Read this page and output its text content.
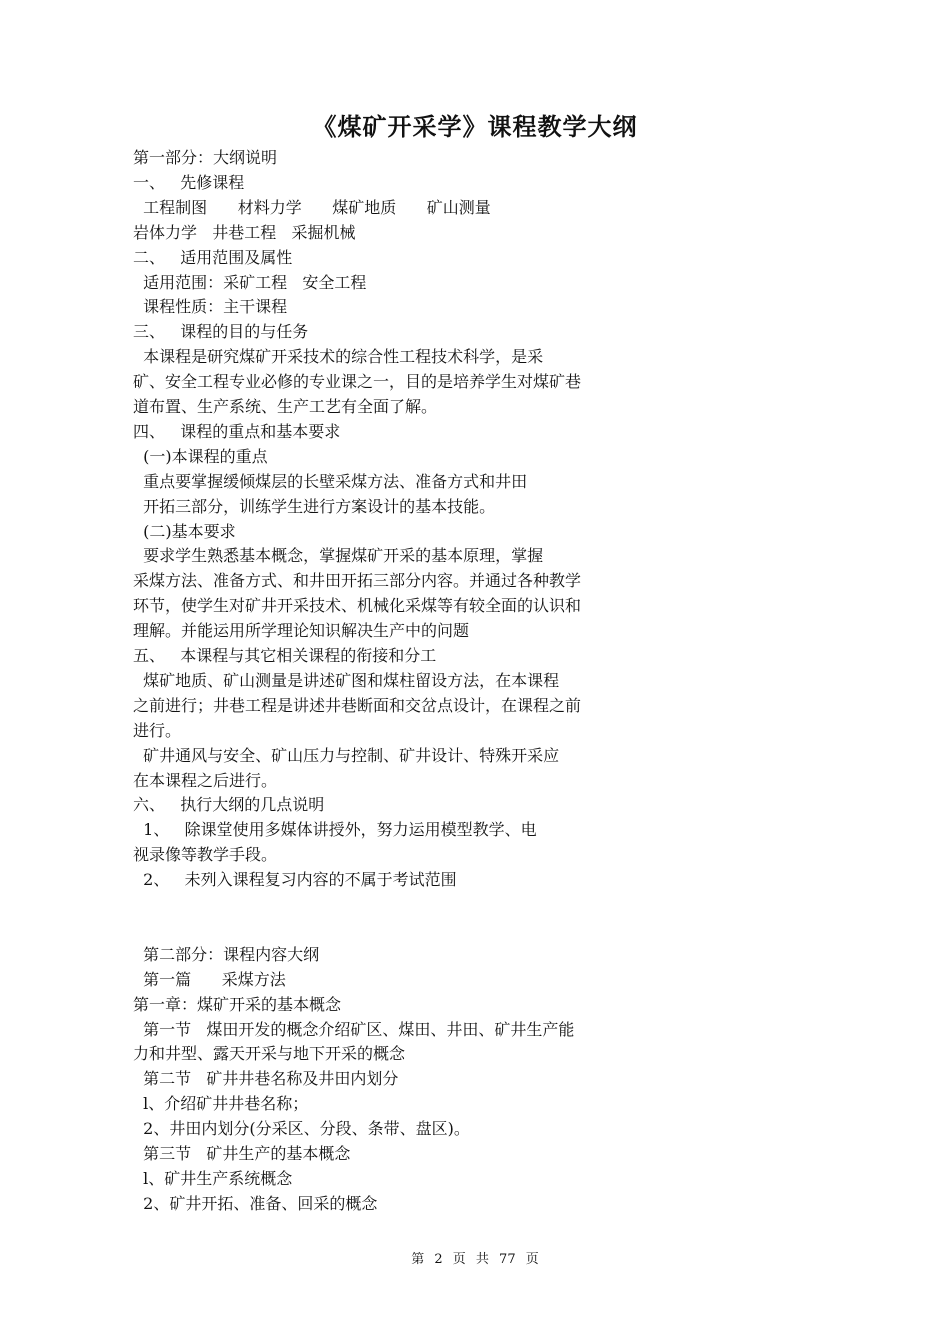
《煤矿开采学》课程教学大纲
第一部分：大纲说明
一、   先修课程
工程制图      材料力学      煤矿地质      矿山测量
岩体力学   井巷工程   采掘机械
二、   适用范围及属性
适用范围：采矿工程   安全工程
课程性质：主干课程
三、   课程的目的与任务
本课程是研究煤矿开采技术的综合性工程技术科学，是采
矿、安全工程专业必修的专业课之一，目的是培养学生对煤矿巷
道布置、生产系统、生产工艺有全面了解。
四、   课程的重点和基本要求
(一)本课程的重点
重点要掌握缓倾煤层的长壁采煤方法、准备方式和井田
开拓三部分，训练学生进行方案设计的基本技能。
(二)基本要求
要求学生熟悉基本概念，掌握煤矿开采的基本原理，掌握
采煤方法、准备方式、和井田开拓三部分内容。并通过各种教学
环节，使学生对矿井开采技术、机械化采煤等有较全面的认识和
理解。并能运用所学理论知识解决生产中的问题
五、   本课程与其它相关课程的衔接和分工
煤矿地质、矿山测量是讲述矿图和煤柱留设方法，在本课程
之前进行；井巷工程是讲述井巷断面和交岔点设计，在课程之前
进行。
矿井通风与安全、矿山压力与控制、矿井设计、特殊开采应
在本课程之后进行。
六、   执行大纲的几点说明
1、   除课堂使用多媒体讲授外，努力运用模型教学、电
视录像等教学手段。
2、   未列入课程复习内容的不属于考试范围
第二部分：课程内容大纲
第一篇      采煤方法
第一章：煤矿开采的基本概念
第一节   煤田开发的概念介绍矿区、煤田、井田、矿井生产能
力和井型、露天开采与地下开采的概念
第二节   矿井井巷名称及井田内划分
l、介绍矿井井巷名称；
2、井田内划分(分采区、分段、条带、盘区)。
第三节   矿井生产的基本概念
l、矿井生产系统概念
2、矿井开拓、准备、回采的概念
第 2 页 共 77 页
